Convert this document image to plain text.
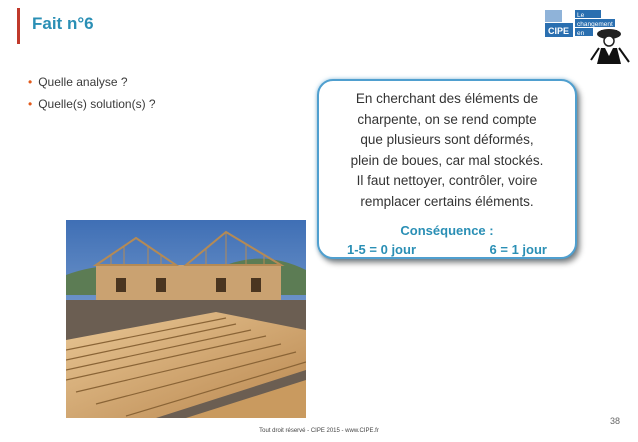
Fait n°6	CIPE
Le
changement
en
• Quelle analyse ?
• Quelle(s) solution(s) ?	En cherchant des éléments de
charpente, on se rend compte
que plusieurs sont déformés,
plein de boues, car mal stockés.
Il faut nettoyer, contrôler, voire
remplacer certains éléments.
Conséquence :
1-5 = 0 jour	6 = 1 jour
38
Tout droit réservé - CIPE 2015 - www.CIPE.fr
